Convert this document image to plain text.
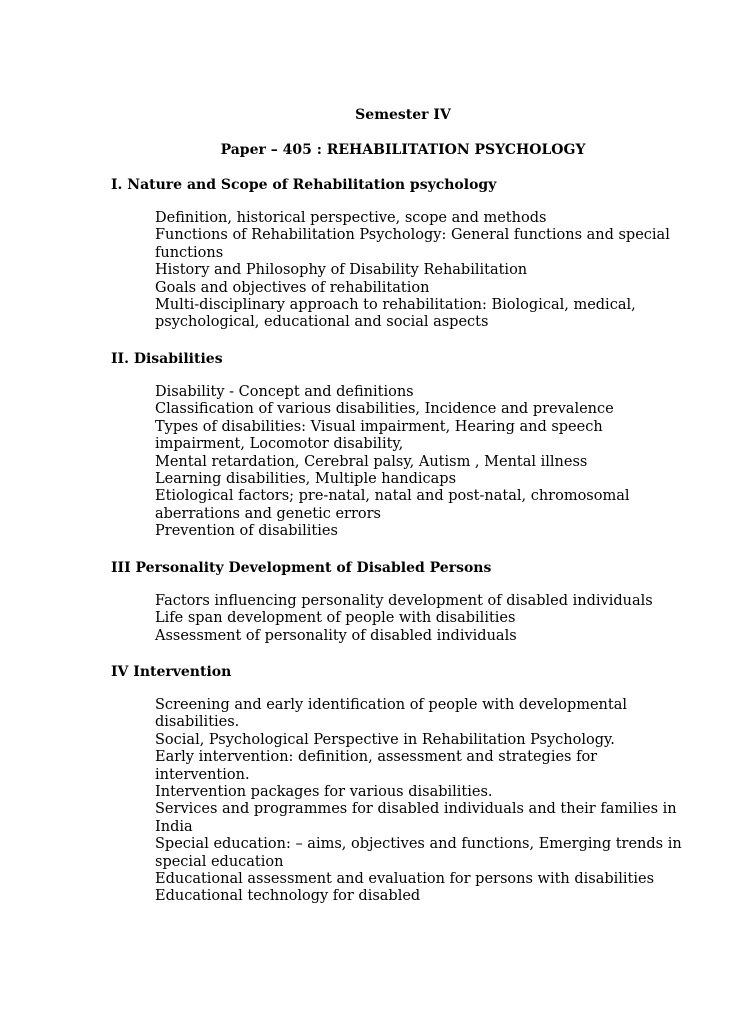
Semester IV
Paper – 405 : REHABILITATION PSYCHOLOGY

I. Nature and Scope of Rehabilitation psychology

Definition, historical perspective, scope and methods
Functions of Rehabilitation Psychology: General functions and special
functions
History and Philosophy of Disability Rehabilitation
Goals and objectives of rehabilitation
Multi-disciplinary approach to rehabilitation: Biological, medical,
psychological, educational and social aspects

II. Disabilities

Disability - Concept and definitions
Classification of various disabilities, Incidence and prevalence
Types of disabilities: Visual impairment, Hearing and speech
impairment, Locomotor disability,
Mental retardation, Cerebral palsy, Autism , Mental illness
Learning disabilities, Multiple handicaps
Etiological factors; pre-natal, natal and post-natal, chromosomal
aberrations and genetic errors
Prevention of disabilities

III Personality Development of Disabled Persons

Factors influencing personality development of disabled individuals
Life span development of people with disabilities
Assessment of personality of disabled individuals

IV Intervention

Screening and early identification of people with developmental
disabilities.
Social, Psychological Perspective in Rehabilitation Psychology.
Early intervention: definition, assessment and strategies for
intervention.
Intervention packages for various disabilities.
Services and programmes for disabled individuals and their families in
India
Special education: – aims, objectives and functions, Emerging trends in
special education
Educational assessment and evaluation for persons with disabilities
Educational technology for disabled
